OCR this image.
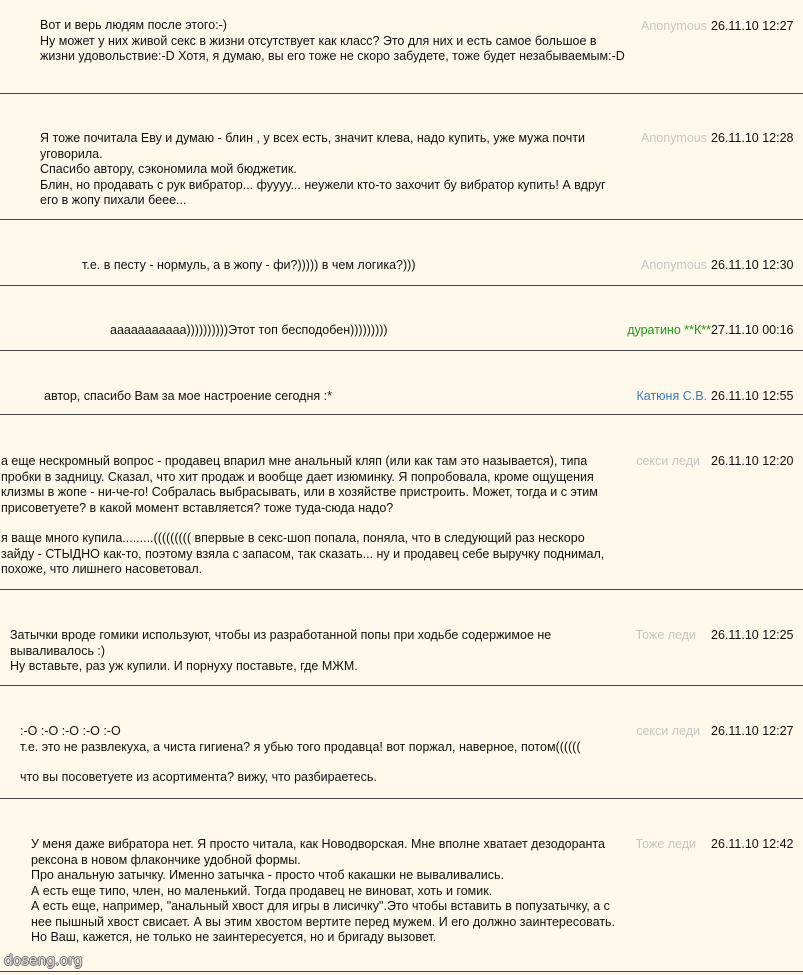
Вот и верь людям после этого:-)

Ну может у них живой секс в жизни отсутствует как класс? Это для них и есть самое большое в жизни удовольствие:-D Хотя, я думаю, вы его тоже не скоро забудете, тоже будет незабываемым:-D

Anonymous 26.11.10 12:27

Я тоже почитала Еву и думаю - блин , у всех есть, значит клева, надо купить, уже мужа почти уговорила.

Спасибо автору, сэкономила мой бюджетик.

Блин, но продавать с рук вибратор... фуууу... неужели кто-то захочит бу вибратор купить! А вдруг его в жопу пихали беее...

Anonymous 26.11.10 12:28

т.е. в песту - нормуль, а в жопу - фи?))))) в чем логика?)))	Anonymous 26.11.10 12:30

ааааааааааа))))))))))Этот топ бесподобен)))))))))	дуратино **К** 27.11.10 00:16

автор, спасибо Вам за мое настроение сегодня :*	Катюня С.В. 26.11.10 12:55

а еще нескромный вопрос - продавец впарил мне анальный кляп (или как там это называется), типа пробки в задницу. Сказал, что хит продаж и вообще дает изюминку. Я попробовала, кроме ощущения клизмы в жопе - ни-че-го! Собралась выбрасывать, или в хозяйстве пристроить. Может, тогда и с этим присоветуете? в какой момент вставляется? тоже туда-сюда надо?

я ваще много купила.........((((((((( впервые в секс-шоп попала, поняла, что в следующий раз нескоро зайду - СТЫДНО как-то, поэтому взяла с запасом, так сказать... ну и продавец себе выручку поднимал, похоже, что лишнего насоветовал.

секси леди 26.11.10 12:20

Затычки вроде гомики используют, чтобы из разработанной попы при ходьбе содержимое не вываливалось :)

Ну вставьте, раз уж купили. И порнуху поставьте, где МЖМ.

Тоже леди 26.11.10 12:25

:-О :-О :-О :-О :-О

т.е. это не развлекуха, а чиста гигиена? я убью того продавца! вот поржал, наверное, потом((((((

что вы посоветуете из асортимента? вижу, что разбираетесь.

секси леди 26.11.10 12:27

У меня даже вибратора нет. Я просто читала, как Новодворская. Мне вполне хватает дезодоранта рексона в новом флакончике удобной формы.

Про анальную затычку. Именно затычка - просто чтоб какашки не вываливались.

А есть еще типо, член, но маленький. Тогда продавец не виноват, хоть и гомик.

А есть еще, например, "анальный хвост для игры в лисичку".Это чтобы вставить в попузатычку, а с нее пышный хвост свисает. А вы этим хвостом вертите перед мужем. И его должно заинтересовать.

Но Ваш, кажется, не только не заинтересуется, но и бригаду вызовет.

Тоже леди 26.11.10 12:42
doseng.org
